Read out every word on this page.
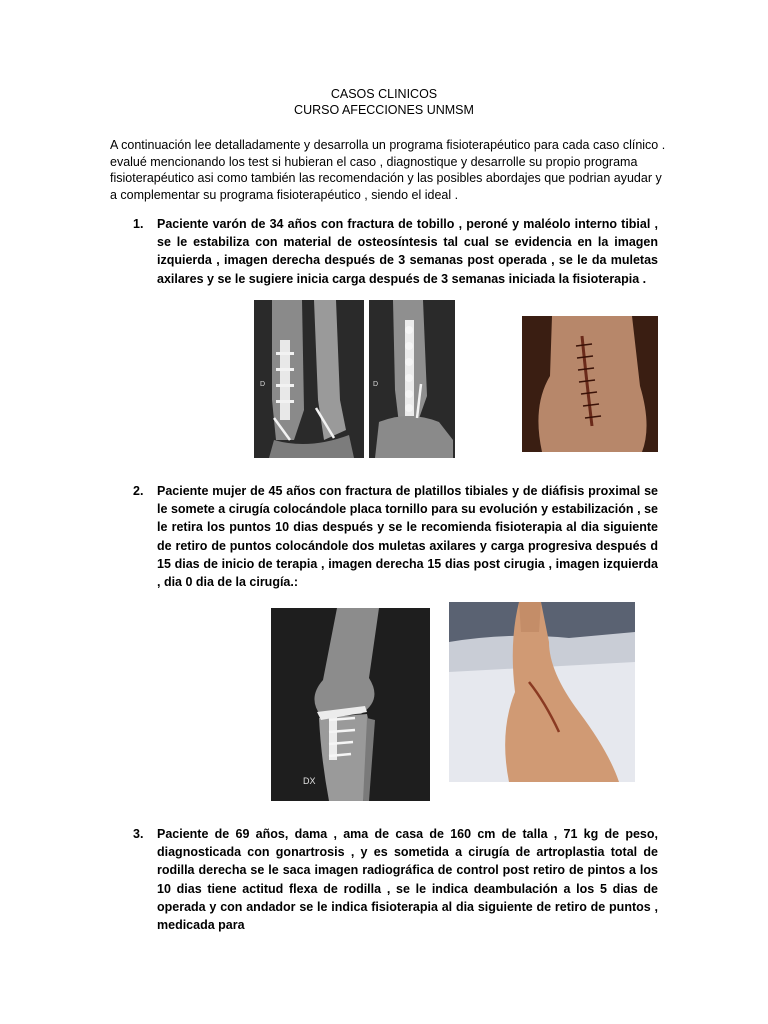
CASOS CLINICOS
CURSO AFECCIONES UNMSM
A continuación lee detalladamente y desarrolla un programa fisioterapéutico para cada caso clínico . evalué mencionando los test si hubieran el caso , diagnostique y desarrolle su propio programa fisioterapéutico asi como también las recomendación y las posibles abordajes que podrian ayudar y a complementar su programa fisioterapéutico , siendo el ideal .
1. Paciente varón de 34 años con fractura de tobillo , peroné y maléolo interno tibial , se le estabiliza con material de osteosíntesis tal cual se evidencia en la imagen izquierda , imagen derecha después de 3 semanas post operada , se le da muletas axilares y se le sugiere inicia carga después de 3 semanas iniciada la fisioterapia .
D	D
2. Paciente mujer de 45 años con fractura de platillos tibiales y de diáfisis proximal se le somete a cirugía colocándole placa tornillo para su evolución y estabilización , se le retira los puntos 10 dias después y se le recomienda fisioterapia al dia siguiente de retiro de puntos colocándole dos muletas axilares y carga progresiva después d 15 dias de inicio de terapia , imagen derecha 15 dias post cirugia , imagen izquierda , dia 0 dia de la cirugía.:
DX
3. Paciente de 69 años, dama , ama de casa de 160 cm de talla , 71 kg de peso, diagnosticada con gonartrosis , y es sometida a cirugía de artroplastia total de rodilla derecha se le saca imagen radiográfica de control post retiro de pintos a los 10 dias tiene actitud flexa de rodilla , se le indica deambulación a los 5 dias de operada y con andador se le indica fisioterapia al dia siguiente de retiro de puntos , medicada para
